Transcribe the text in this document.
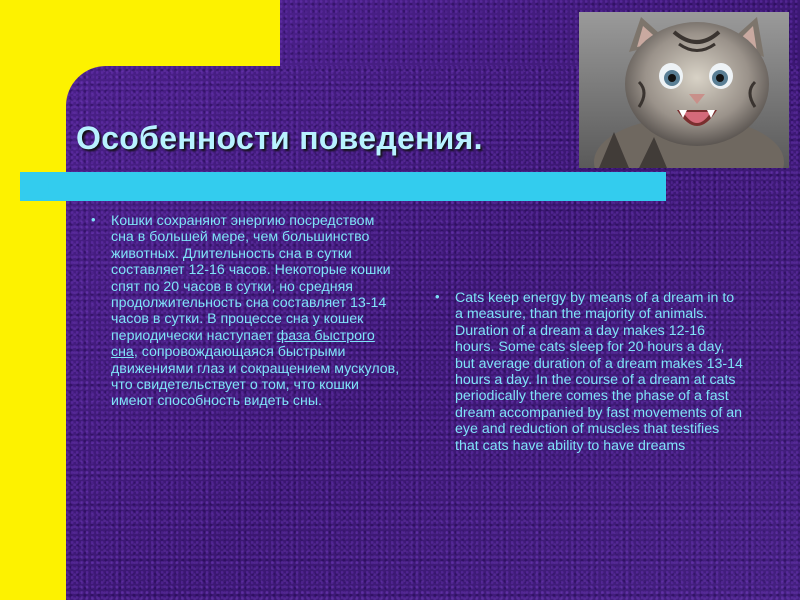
Особенности поведения.
• Кошки сохраняют энергию посредством сна в большей мере, чем большинство животных. Длительность сна в сутки составляет 12-16 часов. Некоторые кошки спят по 20 часов в сутки, но средняя продолжительность сна составляет 13-14 часов в сутки. В процессе сна у кошек периодически наступает фаза быстрого сна, сопровождающаяся быстрыми движениями глаз и сокращением мускулов, что свидетельствует о том, что кошки имеют способность видеть сны.
• Cats keep energy by means of a dream in to a measure, than the majority of animals. Duration of a dream a day makes 12-16 hours. Some cats sleep for 20 hours a day, but average duration of a dream makes 13-14 hours a day. In the course of a dream at cats periodically there comes the phase of a fast dream accompanied by fast movements of an eye and reduction of muscles that testifies that cats have ability to have dreams
